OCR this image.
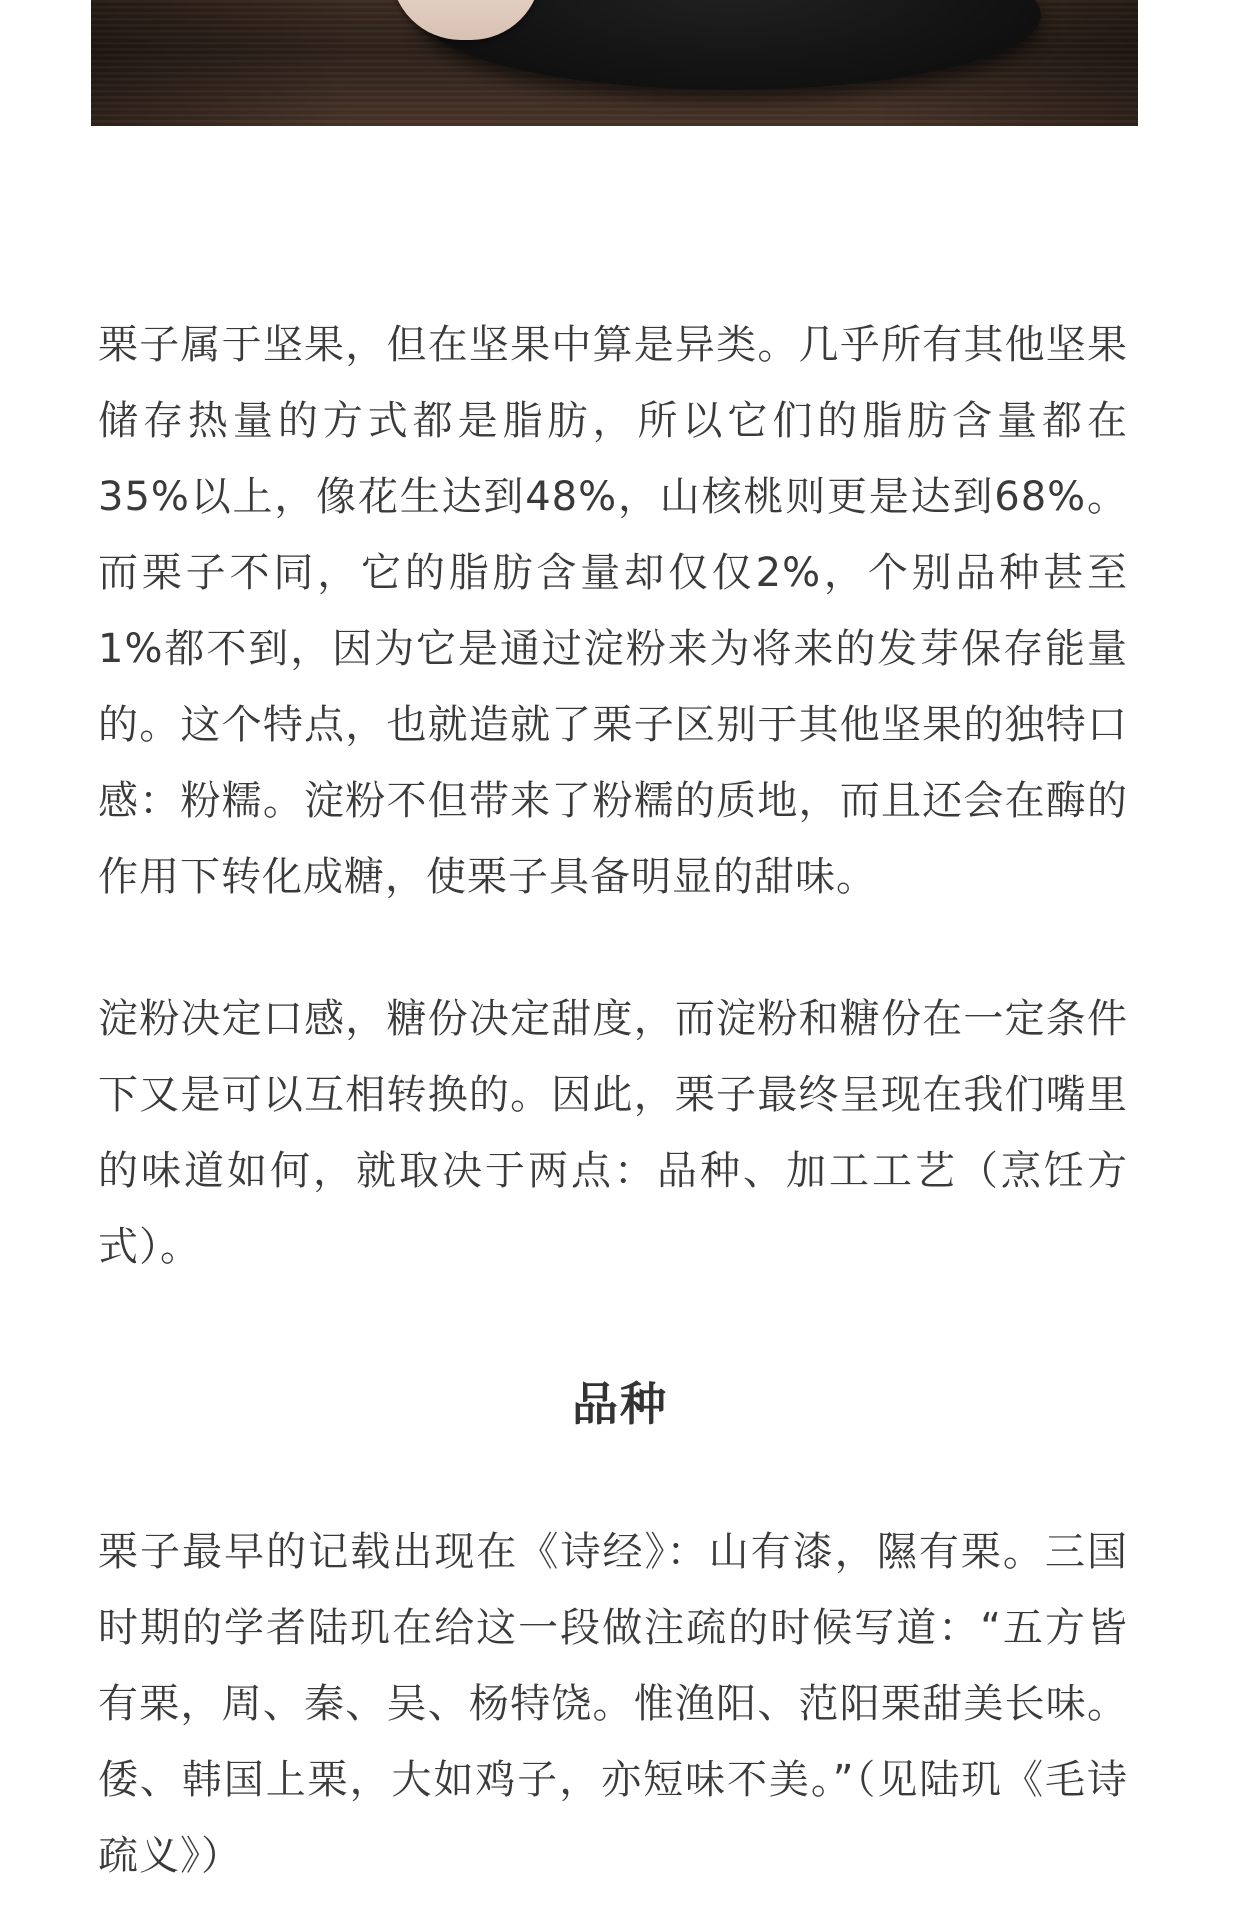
栗子属于坚果，但在坚果中算是异类。几乎所有其他坚果储存热量的方式都是脂肪，所以它们的脂肪含量都在35%以上，像花生达到48%，山核桃则更是达到68%。而栗子不同，它的脂肪含量却仅仅2%，个别品种甚至1%都不到，因为它是通过淀粉来为将来的发芽保存能量的。这个特点，也就造就了栗子区别于其他坚果的独特口感：粉糯。淀粉不但带来了粉糯的质地，而且还会在酶的作用下转化成糖，使栗子具备明显的甜味。

淀粉决定口感，糖份决定甜度，而淀粉和糖份在一定条件下又是可以互相转换的。因此，栗子最终呈现在我们嘴里的味道如何，就取决于两点：品种、加工工艺（烹饪方式）。

品种

栗子最早的记载出现在《诗经》：山有漆，隰有栗。三国时期的学者陆玑在给这一段做注疏的时候写道：“五方皆有栗，周、秦、吴、杨特饶。惟渔阳、范阳栗甜美长味。倭、韩国上栗，大如鸡子，亦短味不美。”（见陆玑《毛诗疏义》）
